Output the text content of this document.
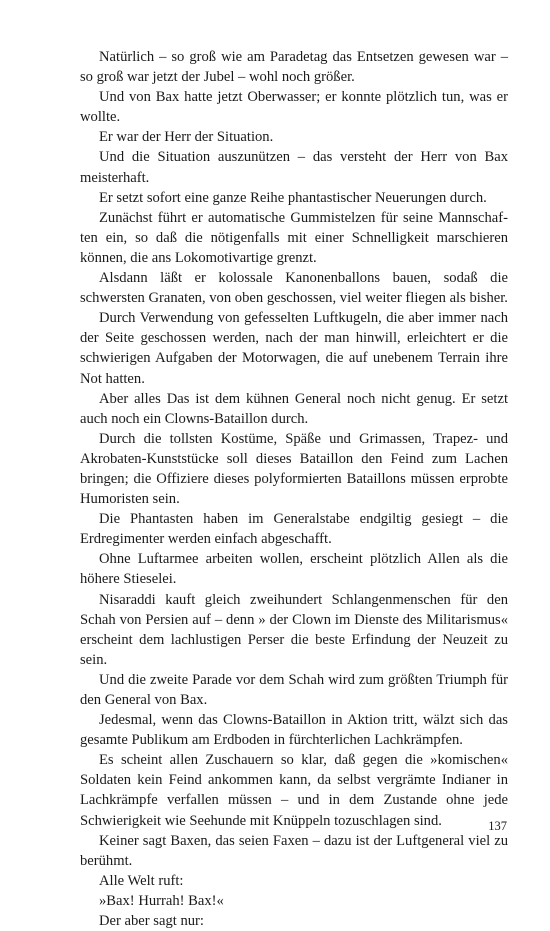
Natürlich – so groß wie am Paradetag das Entsetzen gewesen war – so groß war jetzt der Jubel – wohl noch größer.

Und von Bax hatte jetzt Oberwasser; er konnte plötzlich tun, was er wollte.

Er war der Herr der Situation.

Und die Situation auszunützen – das versteht der Herr von Bax meisterhaft.

Er setzt sofort eine ganze Reihe phantastischer Neuerungen durch.

Zunächst führt er automatische Gummistelzen für seine Mannschaften ein, so daß die nötigenfalls mit einer Schnelligkeit marschieren können, die ans Lokomotivartige grenzt.

Alsdann läßt er kolossale Kanonenballons bauen, sodaß die schwersten Granaten, von oben geschossen, viel weiter fliegen als bisher.

Durch Verwendung von gefesselten Luftkugeln, die aber immer nach der Seite geschossen werden, nach der man hinwill, erleichtert er die schwierigen Aufgaben der Motorwagen, die auf unebenem Terrain ihre Not hatten.

Aber alles Das ist dem kühnen General noch nicht genug. Er setzt auch noch ein Clowns-Bataillon durch.

Durch die tollsten Kostüme, Späße und Grimassen, Trapez- und Akrobaten-Kunststücke soll dieses Bataillon den Feind zum Lachen bringen; die Offiziere dieses polyformierten Bataillons müssen erprobte Humoristen sein.

Die Phantasten haben im Generalstabe endgiltig gesiegt – die Erdregimenter werden einfach abgeschafft.

Ohne Luftarmee arbeiten wollen, erscheint plötzlich Allen als die höhere Stieselei.

Nisaraddi kauft gleich zweihundert Schlangenmenschen für den Schah von Persien auf – denn » der Clown im Dienste des Militarismus« erscheint dem lachlustigen Perser die beste Erfindung der Neuzeit zu sein.

Und die zweite Parade vor dem Schah wird zum größten Triumph für den General von Bax.

Jedesmal, wenn das Clowns-Bataillon in Aktion tritt, wälzt sich das gesamte Publikum am Erdboden in fürchterlichen Lachkrämpfen.

Es scheint allen Zuschauern so klar, daß gegen die »komischen« Soldaten kein Feind ankommen kann, da selbst vergrämte Indianer in Lachkrämpfe verfallen müssen – und in dem Zustande ohne jede Schwierigkeit wie Seehunde mit Knüppeln tozuschlagen sind.

Keiner sagt Baxen, das seien Faxen – dazu ist der Luftgeneral viel zu berühmt.

Alle Welt ruft:

»Bax! Hurrah! Bax!«

Der aber sagt nur:

137
